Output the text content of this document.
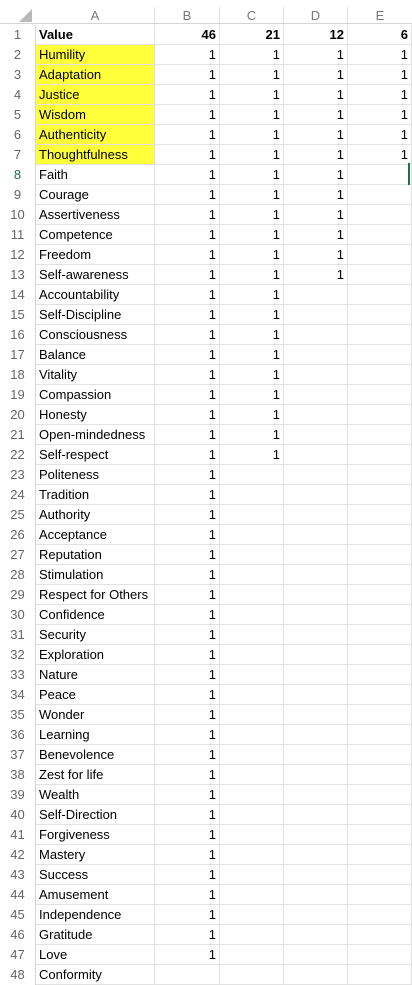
A	B	C	D	E
1	Value	46	21	12	6
2	Humility	1	1	1	1
3	Adaptation	1	1	1	1
4	Justice	1	1	1	1
5	Wisdom	1	1	1	1
6	Authenticity	1	1	1	1
7	Thoughtfulness	1	1	1	1
8	Faith	1	1	1
9	Courage	1	1	1
10	Assertiveness	1	1	1
11	Competence	1	1	1
12	Freedom	1	1	1
13	Self-awareness	1	1	1
14	Accountability	1	1
15	Self-Discipline	1	1
16	Consciousness	1	1
17	Balance	1	1
18	Vitality	1	1
19	Compassion	1	1
20	Honesty	1	1
21	Open-mindedness	1	1
22	Self-respect	1	1
23	Politeness	1
24	Tradition	1
25	Authority	1
26	Acceptance	1
27	Reputation	1
28	Stimulation	1
29	Respect for Others	1
30	Confidence	1
31	Security	1
32	Exploration	1
33	Nature	1
34	Peace	1
35	Wonder	1
36	Learning	1
37	Benevolence	1
38	Zest for life	1
39	Wealth	1
40	Self-Direction	1
41	Forgiveness	1
42	Mastery	1
43	Success	1
44	Amusement	1
45	Independence	1
46	Gratitude	1
47	Love	1
48	Conformity
